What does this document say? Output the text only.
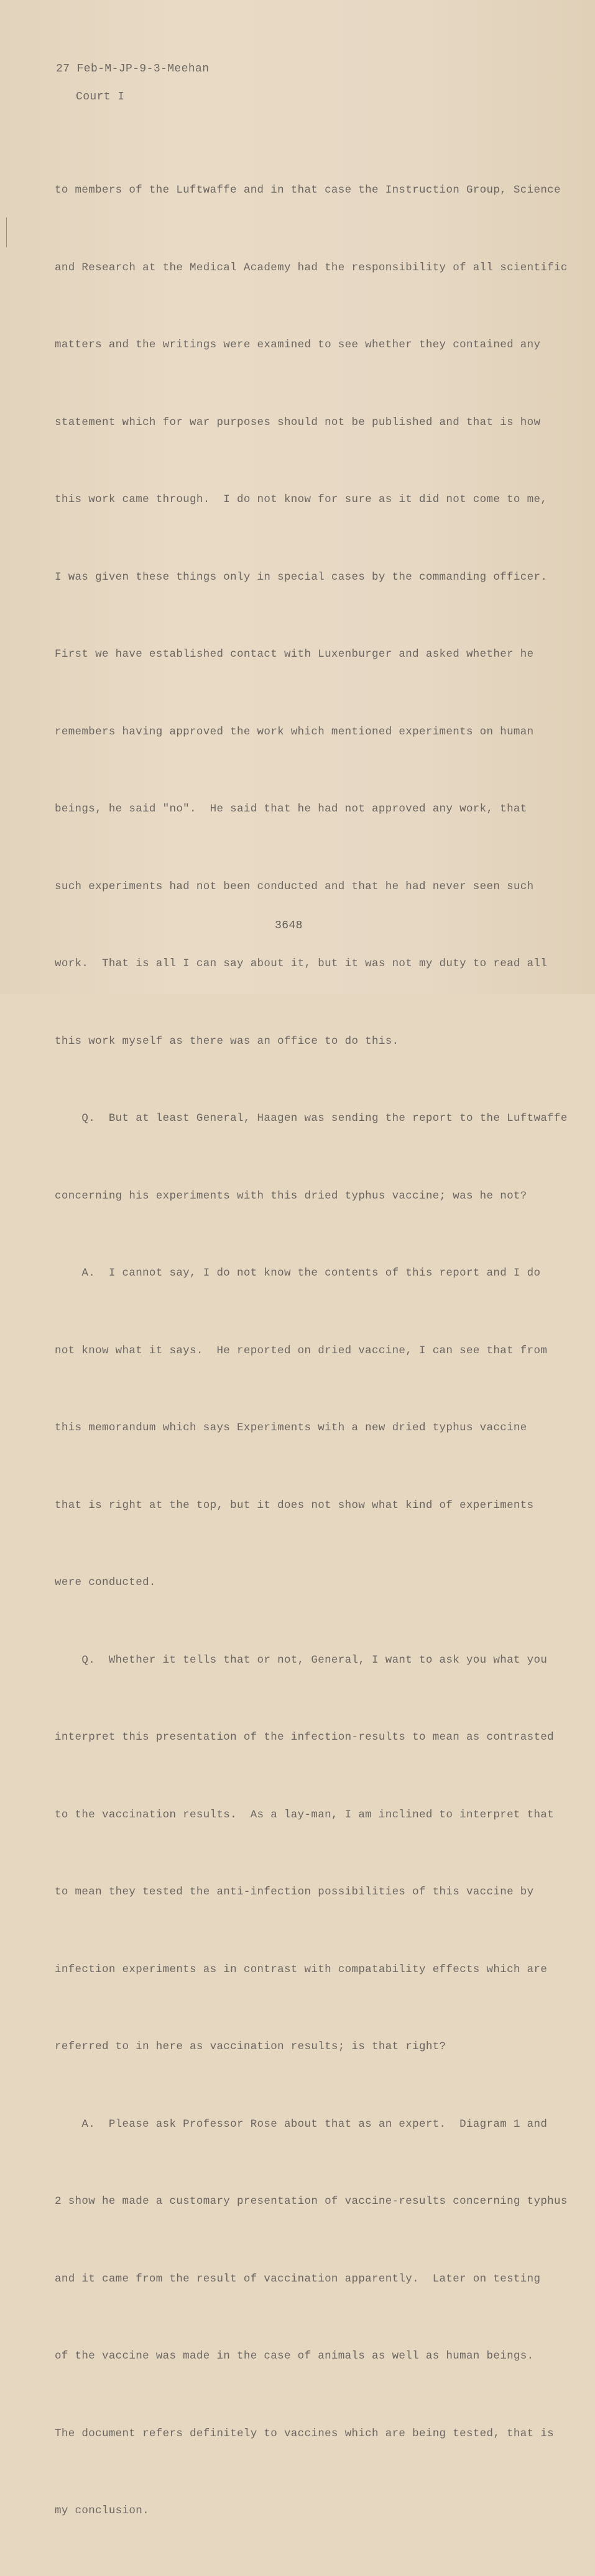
27 Feb-M-JP-9-3-Meehan
Court I

to members of the Luftwaffe and in that case the Instruction Group, Science

and Research at the Medical Academy had the responsibility of all scientific

matters and the writings were examined to see whether they contained any

statement which for war purposes should not be published and that is how

this work came through.  I do not know for sure as it did not come to me,

I was given these things only in special cases by the commanding officer.

First we have established contact with Luxenburger and asked whether he

remembers having approved the work which mentioned experiments on human

beings, he said "no".  He said that he had not approved any work, that

such experiments had not been conducted and that he had never seen such

work.  That is all I can say about it, but it was not my duty to read all

this work myself as there was an office to do this.

Q.  But at least General, Haagen was sending the report to the Luftwaffe

concerning his experiments with this dried typhus vaccine; was he not?

A.  I cannot say, I do not know the contents of this report and I do

not know what it says.  He reported on dried vaccine, I can see that from

this memorandum which says Experiments with a new dried typhus vaccine

that is right at the top, but it does not show what kind of experiments

were conducted.

Q.  Whether it tells that or not, General, I want to ask you what you

interpret this presentation of the infection-results to mean as contrasted

to the vaccination results.  As a lay-man, I am inclined to interpret that

to mean they tested the anti-infection possibilities of this vaccine by

infection experiments as in contrast with compatability effects which are

referred to in here as vaccination results; is that right?

A.  Please ask Professor Rose about that as an expert.  Diagram 1 and

2 show he made a customary presentation of vaccine-results concerning typhus

and it came from the result of vaccination apparently.  Later on testing

of the vaccine was made in the case of animals as well as human beings.

The document refers definitely to vaccines which are being tested, that is

my conclusion.

3648
